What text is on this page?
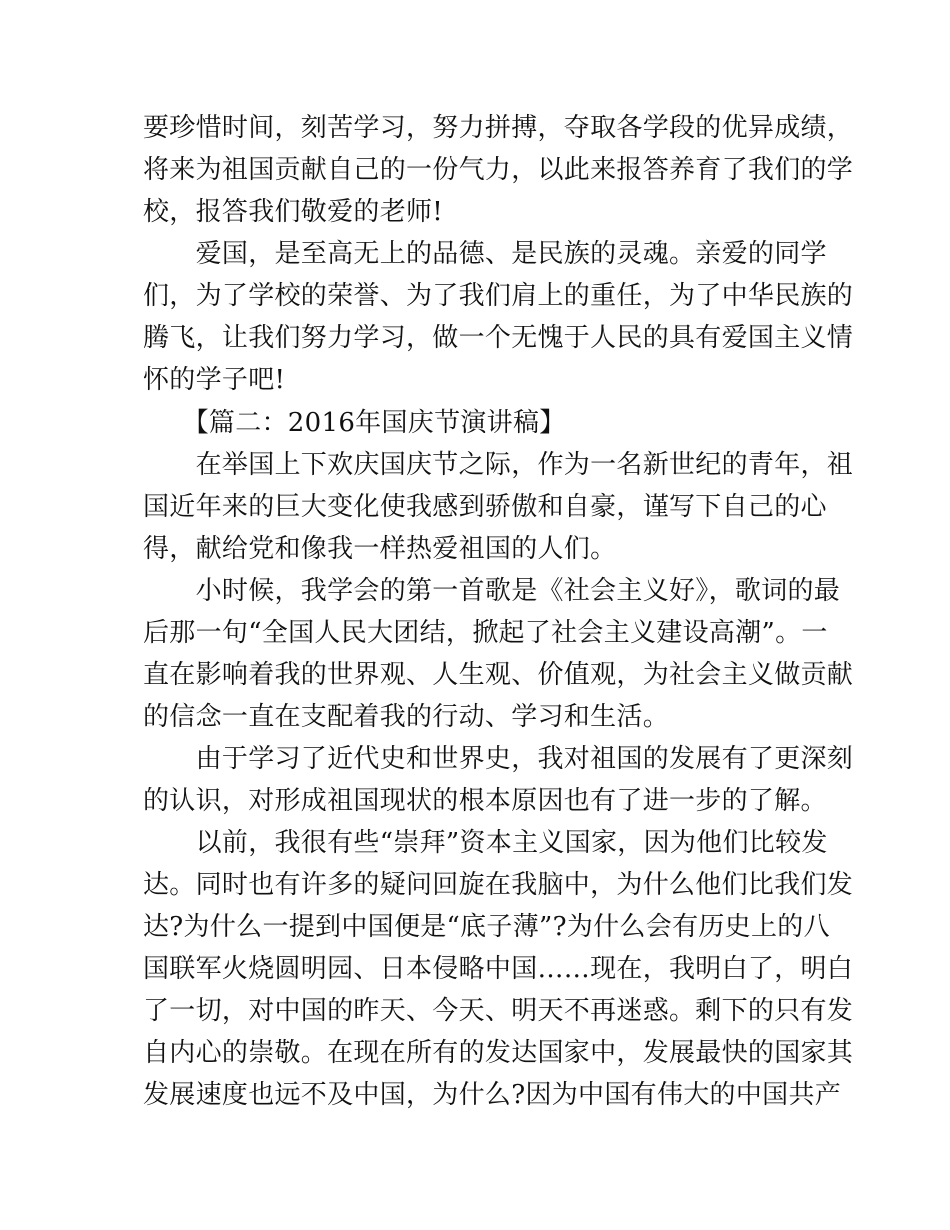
要珍惜时间，刻苦学习，努力拼搏，夺取各学段的优异成绩，
将来为祖国贡献自己的一份气力，以此来报答养育了我们的学
校，报答我们敬爱的老师!
　　爱国，是至高无上的品德、是民族的灵魂。亲爱的同学
们，为了学校的荣誉、为了我们肩上的重任，为了中华民族的
腾飞，让我们努力学习，做一个无愧于人民的具有爱国主义情
怀的学子吧!
　　【篇二：2016年国庆节演讲稿】
　　在举国上下欢庆国庆节之际，作为一名新世纪的青年，祖
国近年来的巨大变化使我感到骄傲和自豪，谨写下自己的心
得，献给党和像我一样热爱祖国的人们。
　　小时候，我学会的第一首歌是《社会主义好》，歌词的最
后那一句“全国人民大团结，掀起了社会主义建设高潮”。一
直在影响着我的世界观、人生观、价值观，为社会主义做贡献
的信念一直在支配着我的行动、学习和生活。
　　由于学习了近代史和世界史，我对祖国的发展有了更深刻
的认识，对形成祖国现状的根本原因也有了进一步的了解。
　　以前，我很有些“崇拜”资本主义国家，因为他们比较发
达。同时也有许多的疑问回旋在我脑中，为什么他们比我们发
达?为什么一提到中国便是“底子薄”?为什么会有历史上的八
国联军火烧圆明园、日本侵略中国……现在，我明白了，明白
了一切，对中国的昨天、今天、明天不再迷惑。剩下的只有发
自内心的崇敬。在现在所有的发达国家中，发展最快的国家其
发展速度也远不及中国，为什么?因为中国有伟大的中国共产
